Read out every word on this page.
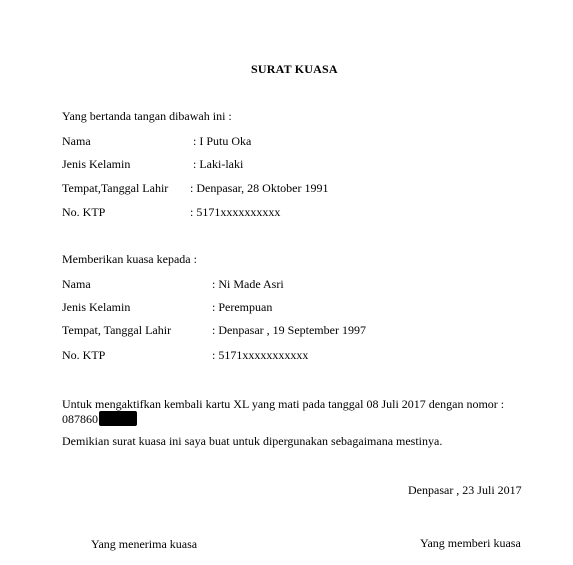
SURAT KUASA
Yang bertanda tangan dibawah ini :
Nama	: I Putu Oka
Jenis Kelamin	: Laki-laki
Tempat,Tanggal Lahir : Denpasar, 28 Oktober 1991
No. KTP	: 5171xxxxxxxxxx
Memberikan kuasa kepada :
Nama	: Ni Made Asri
Jenis Kelamin	: Perempuan
Tempat, Tanggal Lahir	: Denpasar , 19 September 1997
No. KTP	: 5171xxxxxxxxxxx
Untuk mengaktifkan kembali kartu XL yang mati pada tanggal 08 Juli 2017 dengan nomor :
087860
Demikian surat kuasa ini saya buat untuk dipergunakan sebagaimana mestinya.
Denpasar , 23 Juli 2017
Yang menerima kuasa	Yang memberi kuasa
